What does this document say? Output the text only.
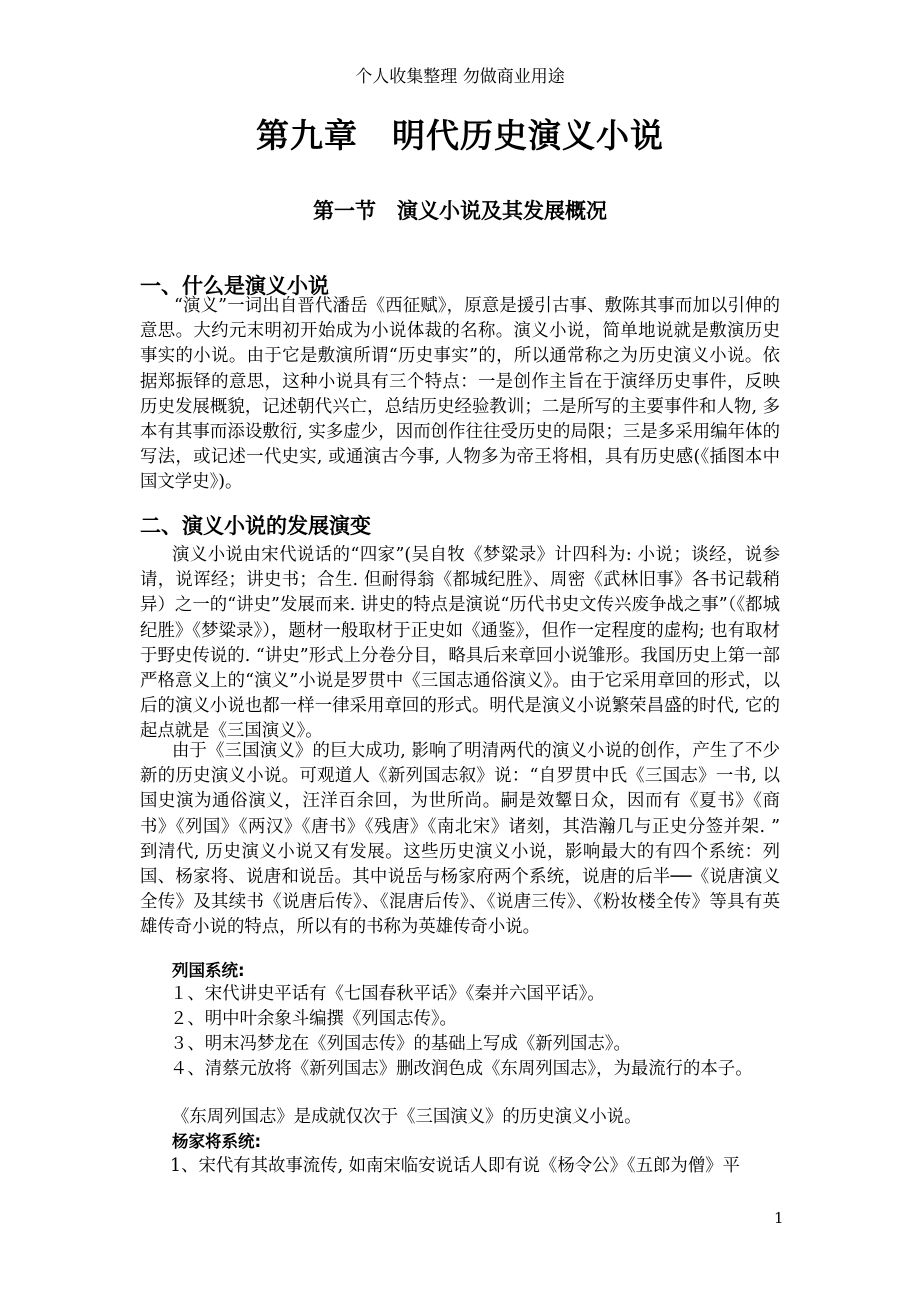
个人收集整理 勿做商业用途
第九章　明代历史演义小说
第一节　演义小说及其发展概况
一、什么是演义小说

“演义”一词出自晋代潘岳《西征赋》，原意是援引古事、敷陈其事而加以引伸的意思。大约元末明初开始成为小说体裁的名称。演义小说，简单地说就是敷演历史事实的小说。由于它是敷演所谓“历史事实”的，所以通常称之为历史演义小说。依据郑振铎的意思，这种小说具有三个特点：一是创作主旨在于演绎历史事件，反映历史发展概貌，记述朝代兴亡，总结历史经验教训；二是所写的主要事件和人物, 多本有其事而添设敷衍, 实多虚少，因而创作往往受历史的局限；三是多采用编年体的写法，或记述一代史实, 或通演古今事, 人物多为帝王将相，具有历史感(《插图本中国文学史》)。

二、演义小说的发展演变

演义小说由宋代说话的“四家”(吴自牧《梦粱录》计四科为: 小说；谈经，说参请，说诨经；讲史书；合生. 但耐得翁《都城纪胜》、周密《武林旧事》各书记载稍异）之一的“讲史”发展而来. 讲史的特点是演说“历代书史文传兴废争战之事”（《都城纪胜》《梦粱录》），题材一般取材于正史如《通鉴》，但作一定程度的虚构; 也有取材于野史传说的. “讲史”形式上分卷分目，略具后来章回小说雏形。我国历史上第一部严格意义上的“演义”小说是罗贯中《三国志通俗演义》。由于它采用章回的形式，以后的演义小说也都一样一律采用章回的形式。明代是演义小说繁荣昌盛的时代, 它的起点就是《三国演义》。

由于《三国演义》的巨大成功, 影响了明清两代的演义小说的创作，产生了不少新的历史演义小说。可观道人《新列国志叙》说：“自罗贯中氏《三国志》一书, 以国史演为通俗演义，汪洋百余回，为世所尚。嗣是效颦日众，因而有《夏书》《商书》《列国》《两汉》《唐书》《残唐》《南北宋》诸刻，其浩瀚几与正史分签并架. ” 到清代, 历史演义小说又有发展。这些历史演义小说，影响最大的有四个系统：列国、杨家将、说唐和说岳。其中说岳与杨家府两个系统，说唐的后半──《说唐演义全传》及其续书《说唐后传》、《混唐后传》、《说唐三传》、《粉妆楼全传》等具有英雄传奇小说的特点，所以有的书称为英雄传奇小说。

列国系统:
１、宋代讲史平话有《七国春秋平话》《秦并六国平话》。
２、明中叶余象斗编撰《列国志传》。
３、明末冯梦龙在《列国志传》的基础上写成《新列国志》。
４、清蔡元放将《新列国志》删改润色成《东周列国志》，为最流行的本子。
《东周列国志》是成就仅次于《三国演义》的历史演义小说。
杨家将系统:
1、宋代有其故事流传, 如南宋临安说话人即有说《杨令公》《五郎为僧》平
1
